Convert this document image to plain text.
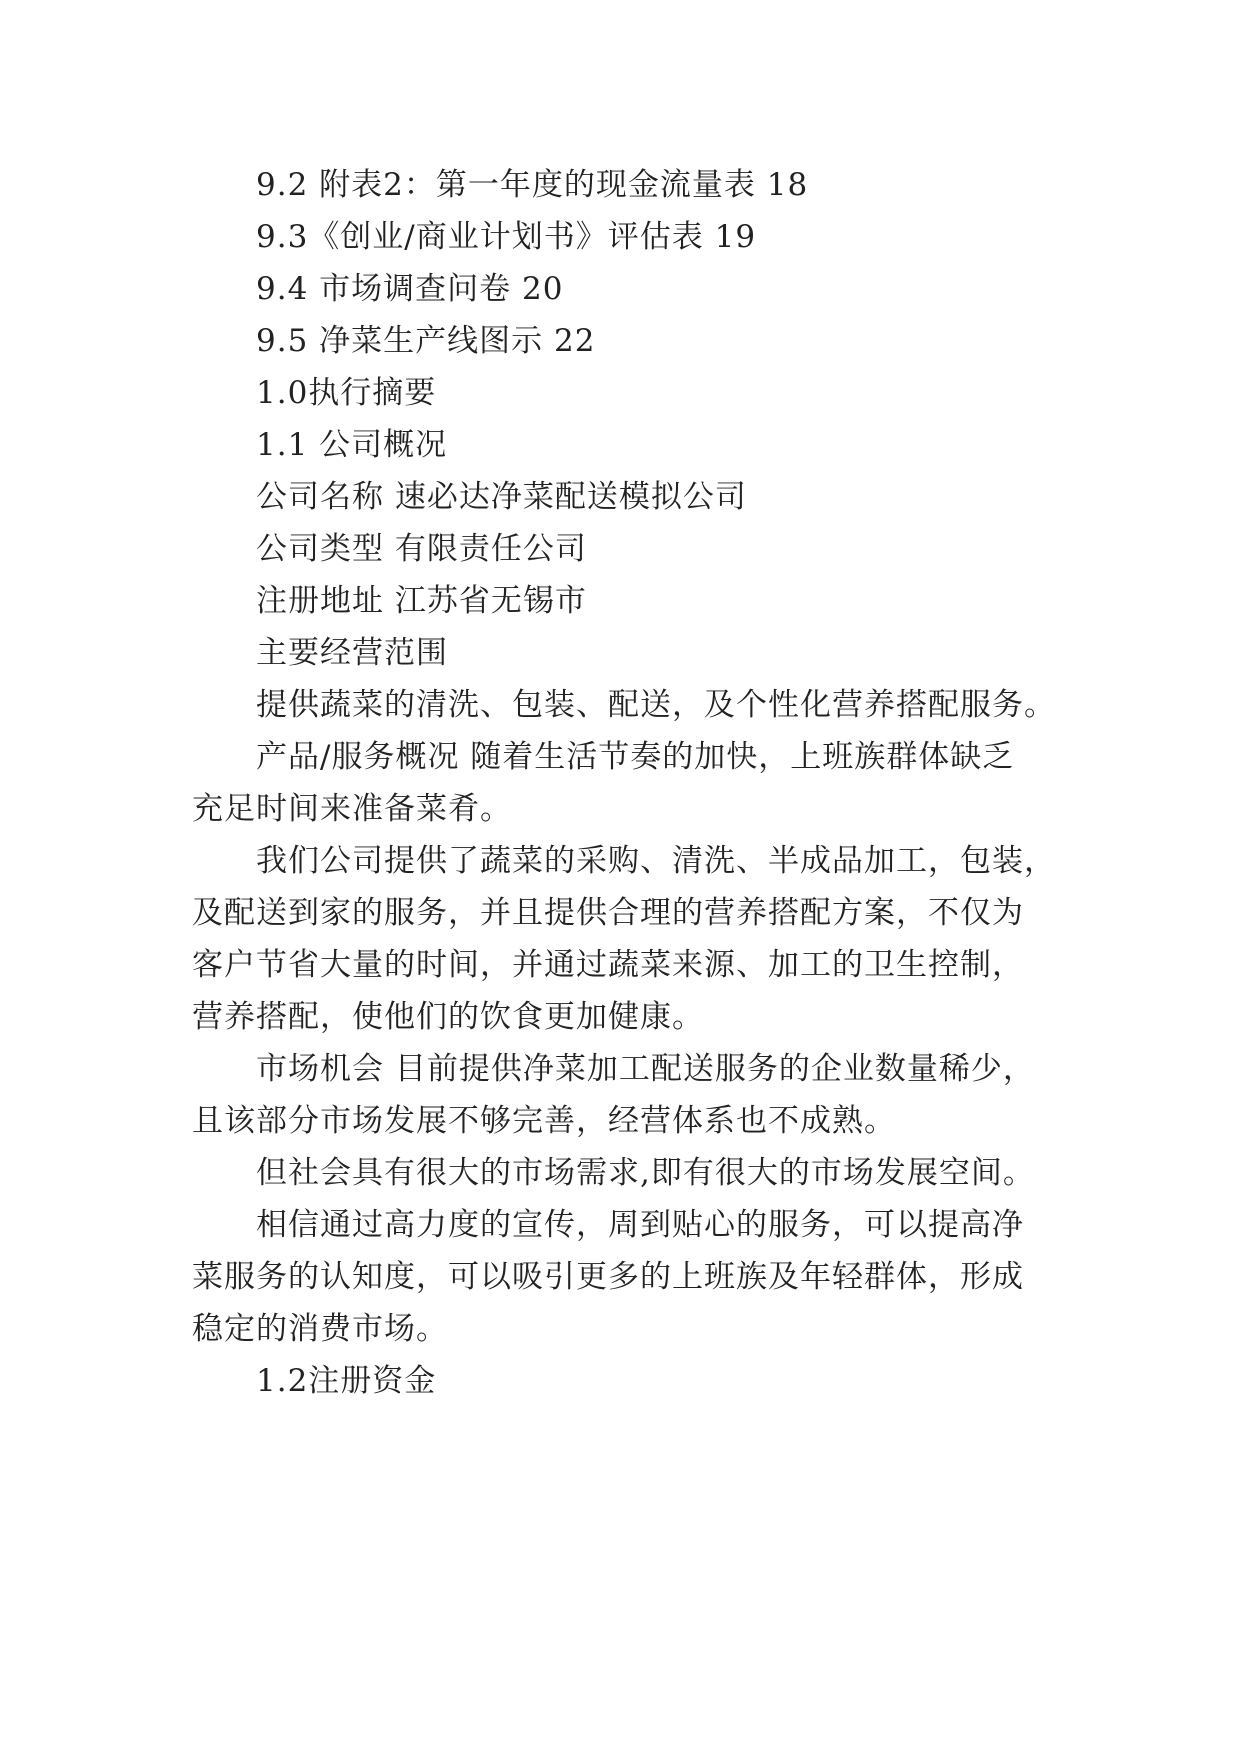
9.2 附表2：第一年度的现金流量表 18
9.3《创业/商业计划书》评估表 19
9.4 市场调查问卷 20
9.5 净菜生产线图示 22
1.0执行摘要
1.1 公司概况
公司名称 速必达净菜配送模拟公司
公司类型 有限责任公司
注册地址 江苏省无锡市
主要经营范围
提供蔬菜的清洗、包装、配送，及个性化营养搭配服务。
产品/服务概况 随着生活节奏的加快，上班族群体缺乏
充足时间来准备菜肴。
我们公司提供了蔬菜的采购、清洗、半成品加工，包装，
及配送到家的服务，并且提供合理的营养搭配方案，不仅为
客户节省大量的时间，并通过蔬菜来源、加工的卫生控制，
营养搭配，使他们的饮食更加健康。
市场机会 目前提供净菜加工配送服务的企业数量稀少，
且该部分市场发展不够完善，经营体系也不成熟。
但社会具有很大的市场需求,即有很大的市场发展空间。
相信通过高力度的宣传，周到贴心的服务，可以提高净
菜服务的认知度，可以吸引更多的上班族及年轻群体，形成
稳定的消费市场。
1.2注册资金
